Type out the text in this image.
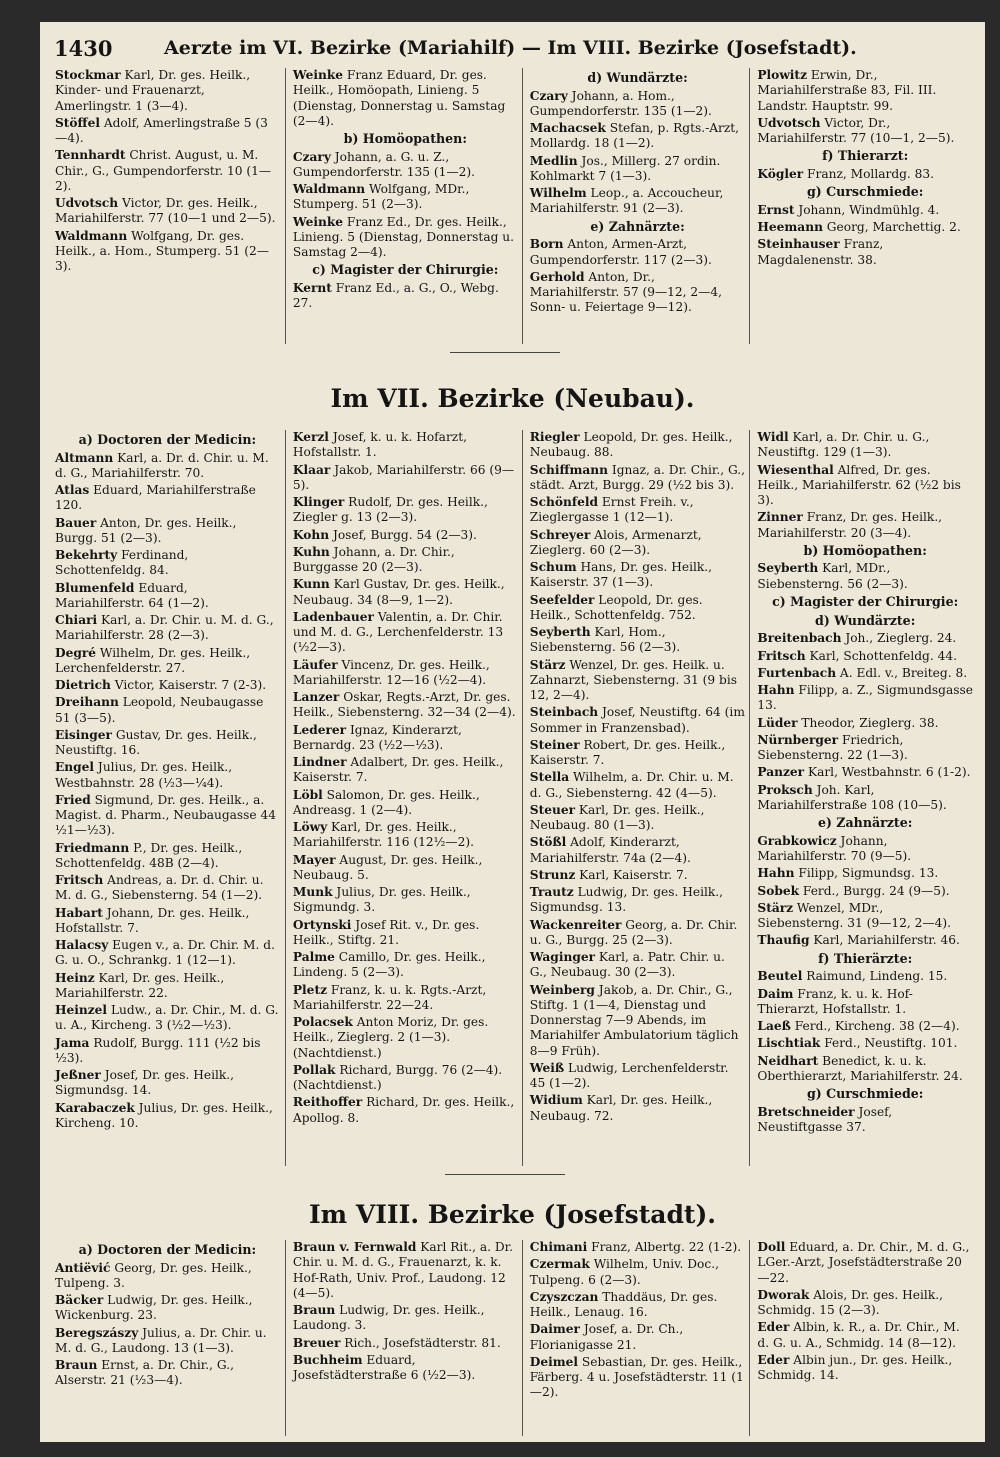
1430	Aerzte im VI. Bezirke (Mariahilf) — Im VIII. Bezirke (Josefstadt).
Stockmar Karl, Dr. ges. Heilk., Kinder- und Frauenarzt, Amerlingstr. 1 (3—4).
Stöffel Adolf, Amerlingstraße 5 (3—4).
Tennhardt Christ. August, u. M. Chir., G., Gumpendorferstr. 10 (1—2).
Udvotsch Victor, Dr. ges. Heilk., Mariahilferstr. 77 (10—1 und 2—5).
Waldmann Wolfgang, Dr. ges. Heilk., a. Hom., Stumperg. 51 (2—3).
Weinke Franz Eduard, Dr. ges. Heilk., Homöopath, Linieng. 5 (Dienstag, Donnerstag u. Samstag (2—4).
b) Homöopathen:
Czary Johann, a. G. u. Z., Gumpendorferstr. 135 (1—2).
Waldmann Wolfgang, MDr., Stumperg. 51 (2—3).
Weinke Franz Ed., Dr. ges. Heilk., Linieng. 5 (Dienstag, Donnerstag u. Samstag 2—4).
c) Magister der Chirurgie:
Kernt Franz Ed., a. G., O., Webg. 27.
d) Wundärzte:
Czary Johann, a. Hom., Gumpendorferstr. 135 (1—2).
Machacsek Stefan, p. Rgts.-Arzt, Mollardg. 18 (1—2).
Medlin Jos., Millerg. 27 ordin. Kohlmarkt 7 (1—3).
Wilhelm Leop., a. Accoucheur, Mariahilferstr. 91 (2—3).
e) Zahnärzte:
Born Anton, Armen-Arzt, Gumpendorferstr. 117 (2—3).
Gerhold Anton, Dr., Mariahilferstr. 57 (9—12, 2—4, Sonn- u. Feiertage 9—12).
Plowitz Erwin, Dr., Mariahilferstraße 83, Fil. III. Landstr. Hauptstr. 99.
Udvotsch Victor, Dr., Mariahilferstr. 77 (10—1, 2—5).
f) Thierarzt:
Kögler Franz, Mollardg. 83.
g) Curschmiede:
Ernst Johann, Windmühlg. 4.
Heemann Georg, Marchettig. 2.
Steinhauser Franz, Magdalenenstr. 38.
Im VII. Bezirke (Neubau).
a) Doctoren der Medicin:
Altmann Karl, a. Dr. d. Chir. u. M. d. G., Mariahilferstr. 70.
Atlas Eduard, Mariahilferstraße 120.
Bauer Anton, Dr. ges. Heilk., Burgg. 51 (2—3).
Bekehrty Ferdinand, Schottenfeldg. 84.
Blumenfeld Eduard, Mariahilferstr. 64 (1—2).
Chiari Karl, a. Dr. Chir. u. M. d. G., Mariahilferstr. 28 (2—3).
Degré Wilhelm, Dr. ges. Heilk., Lerchenfelderstr. 27.
Dietrich Victor, Kaiserstr. 7 (2-3).
Dreihann Leopold, Neubaugasse 51 (3—5).
Eisinger Gustav, Dr. ges. Heilk., Neustiftg. 16.
Engel Julius, Dr. ges. Heilk., Westbahnstr. 28 (½3—¼4).
Fried Sigmund, Dr. ges. Heilk., a. Magist. d. Pharm., Neubaugasse 44 ½1—½3).
Friedmann P., Dr. ges. Heilk., Schottenfeldg. 48B (2—4).
Fritsch Andreas, a. Dr. d. Chir. u. M. d. G., Siebensterng. 54 (1—2).
Habart Johann, Dr. ges. Heilk., Hofstallstr. 7.
Halacsy Eugen v., a. Dr. Chir. M. d. G. u. O., Schrankg. 1 (12—1).
Heinz Karl, Dr. ges. Heilk., Mariahilferstr. 22.
Heinzel Ludw., a. Dr. Chir., M. d. G. u. A., Kircheng. 3 (½2—½3).
Jama Rudolf, Burgg. 111 (½2 bis ½3).
Jeßner Josef, Dr. ges. Heilk., Sigmundsg. 14.
Karabaczek Julius, Dr. ges. Heilk., Kircheng. 10.
Kerzl Josef, k. u. k. Hofarzt, Hofstallstr. 1.
Klaar Jakob, Mariahilferstr. 66 (9—5).
Klinger Rudolf, Dr. ges. Heilk., Ziegler g. 13 (2—3).
Kohn Josef, Burgg. 54 (2—3).
Kuhn Johann, a. Dr. Chir., Burggasse 20 (2—3).
Kunn Karl Gustav, Dr. ges. Heilk., Neubaug. 34 (8—9, 1—2).
Ladenbauer Valentin, a. Dr. Chir. und M. d. G., Lerchenfelderstr. 13 (½2—3).
Läufer Vincenz, Dr. ges. Heilk., Mariahilferstr. 12—16 (½2—4).
Lanzer Oskar, Regts.-Arzt, Dr. ges. Heilk., Siebensterng. 32—34 (2—4).
Lederer Ignaz, Kinderarzt, Bernardg. 23 (½2—½3).
Lindner Adalbert, Dr. ges. Heilk., Kaiserstr. 7.
Löbl Salomon, Dr. ges. Heilk., Andreasg. 1 (2—4).
Löwy Karl, Dr. ges. Heilk., Mariahilferstr. 116 (12½—2).
Mayer August, Dr. ges. Heilk., Neubaug. 5.
Munk Julius, Dr. ges. Heilk., Sigmundg. 3.
Ortynski Josef Rit. v., Dr. ges. Heilk., Stiftg. 21.
Palme Camillo, Dr. ges. Heilk., Lindeng. 5 (2—3).
Pletz Franz, k. u. k. Rgts.-Arzt, Mariahilferstr. 22—24.
Polacsek Anton Moriz, Dr. ges. Heilk., Zieglerg. 2 (1—3). (Nachtdienst.)
Pollak Richard, Burgg. 76 (2—4). (Nachtdienst.)
Reithoffer Richard, Dr. ges. Heilk., Apollog. 8.
Riegler Leopold, Dr. ges. Heilk., Neubaug. 88.
Schiffmann Ignaz, a. Dr. Chir., G., städt. Arzt, Burgg. 29 (½2 bis 3).
Schönfeld Ernst Freih. v., Zieglergasse 1 (12—1).
Schreyer Alois, Armenarzt, Zieglerg. 60 (2—3).
Schum Hans, Dr. ges. Heilk., Kaiserstr. 37 (1—3).
Seefelder Leopold, Dr. ges. Heilk., Schottenfeldg. 752.
Seyberth Karl, Hom., Siebensterng. 56 (2—3).
Stärz Wenzel, Dr. ges. Heilk. u. Zahnarzt, Siebensterng. 31 (9 bis 12, 2—4).
Steinbach Josef, Neustiftg. 64 (im Sommer in Franzensbad).
Steiner Robert, Dr. ges. Heilk., Kaiserstr. 7.
Stella Wilhelm, a. Dr. Chir. u. M. d. G., Siebensterng. 42 (4—5).
Steuer Karl, Dr. ges. Heilk., Neubaug. 80 (1—3).
Stößl Adolf, Kinderarzt, Mariahilferstr. 74a (2—4).
Strunz Karl, Kaiserstr. 7.
Trautz Ludwig, Dr. ges. Heilk., Sigmundsg. 13.
Wackenreiter Georg, a. Dr. Chir. u. G., Burgg. 25 (2—3).
Waginger Karl, a. Patr. Chir. u. G., Neubaug. 30 (2—3).
Weinberg Jakob, a. Dr. Chir., G., Stiftg. 1 (1—4, Dienstag und Donnerstag 7—9 Abends, im Mariahilfer Ambulatorium täglich 8—9 Früh).
Weiß Ludwig, Lerchenfelderstr. 45 (1—2).
Widium Karl, Dr. ges. Heilk., Neubaug. 72.
Widl Karl, a. Dr. Chir. u. G., Neustiftg. 129 (1—3).
Wiesenthal Alfred, Dr. ges. Heilk., Mariahilferstr. 62 (½2 bis 3).
Zinner Franz, Dr. ges. Heilk., Mariahilferstr. 20 (3—4).
b) Homöopathen:
Seyberth Karl, MDr., Siebensterng. 56 (2—3).
c) Magister der Chirurgie:
d) Wundärzte:
Breitenbach Joh., Zieglerg. 24.
Fritsch Karl, Schottenfeldg. 44.
Furtenbach A. Edl. v., Breiteg. 8.
Hahn Filipp, a. Z., Sigmundsgasse 13.
Lüder Theodor, Zieglerg. 38.
Nürnberger Friedrich, Siebensterng. 22 (1—3).
Panzer Karl, Westbahnstr. 6 (1-2).
Proksch Joh. Karl, Mariahilferstraße 108 (10—5).
e) Zahnärzte:
Grabkowicz Johann, Mariahilferstr. 70 (9—5).
Hahn Filipp, Sigmundsg. 13.
Sobek Ferd., Burgg. 24 (9—5).
Stärz Wenzel, MDr., Siebensterng. 31 (9—12, 2—4).
Thaufig Karl, Mariahilferstr. 46.
f) Thierärzte:
Beutel Raimund, Lindeng. 15.
Daim Franz, k. u. k. Hof-Thierarzt, Hofstallstr. 1.
Laeß Ferd., Kircheng. 38 (2—4).
Lischtiak Ferd., Neustiftg. 101.
Neidhart Benedict, k. u. k. Oberthierarzt, Mariahilferstr. 24.
g) Curschmiede:
Bretschneider Josef, Neustiftgasse 37.
Im VIII. Bezirke (Josefstadt).
a) Doctoren der Medicin:
Antiëvić Georg, Dr. ges. Heilk., Tulpeng. 3.
Bäcker Ludwig, Dr. ges. Heilk., Wickenburg. 23.
Beregszászy Julius, a. Dr. Chir. u. M. d. G., Laudong. 13 (1—3).
Braun Ernst, a. Dr. Chir., G., Alserstr. 21 (½3—4).
Braun v. Fernwald Karl Rit., a. Dr. Chir. u. M. d. G., Frauenarzt, k. k. Hof-Rath, Univ. Prof., Laudong. 12 (4—5).
Braun Ludwig, Dr. ges. Heilk., Laudong. 3.
Breuer Rich., Josefstädterstr. 81.
Buchheim Eduard, Josefstädterstraße 6 (½2—3).
Chimani Franz, Albertg. 22 (1-2).
Czermak Wilhelm, Univ. Doc., Tulpeng. 6 (2—3).
Czyszczan Thaddäus, Dr. ges. Heilk., Lenaug. 16.
Daimer Josef, a. Dr. Ch., Florianigasse 21.
Deimel Sebastian, Dr. ges. Heilk., Färberg. 4 u. Josefstädterstr. 11 (1—2).
Doll Eduard, a. Dr. Chir., M. d. G., LGer.-Arzt, Josefstädterstraße 20—22.
Dworak Alois, Dr. ges. Heilk., Schmidg. 15 (2—3).
Eder Albin, k. R., a. Dr. Chir., M. d. G. u. A., Schmidg. 14 (8—12).
Eder Albin jun., Dr. ges. Heilk., Schmidg. 14.
